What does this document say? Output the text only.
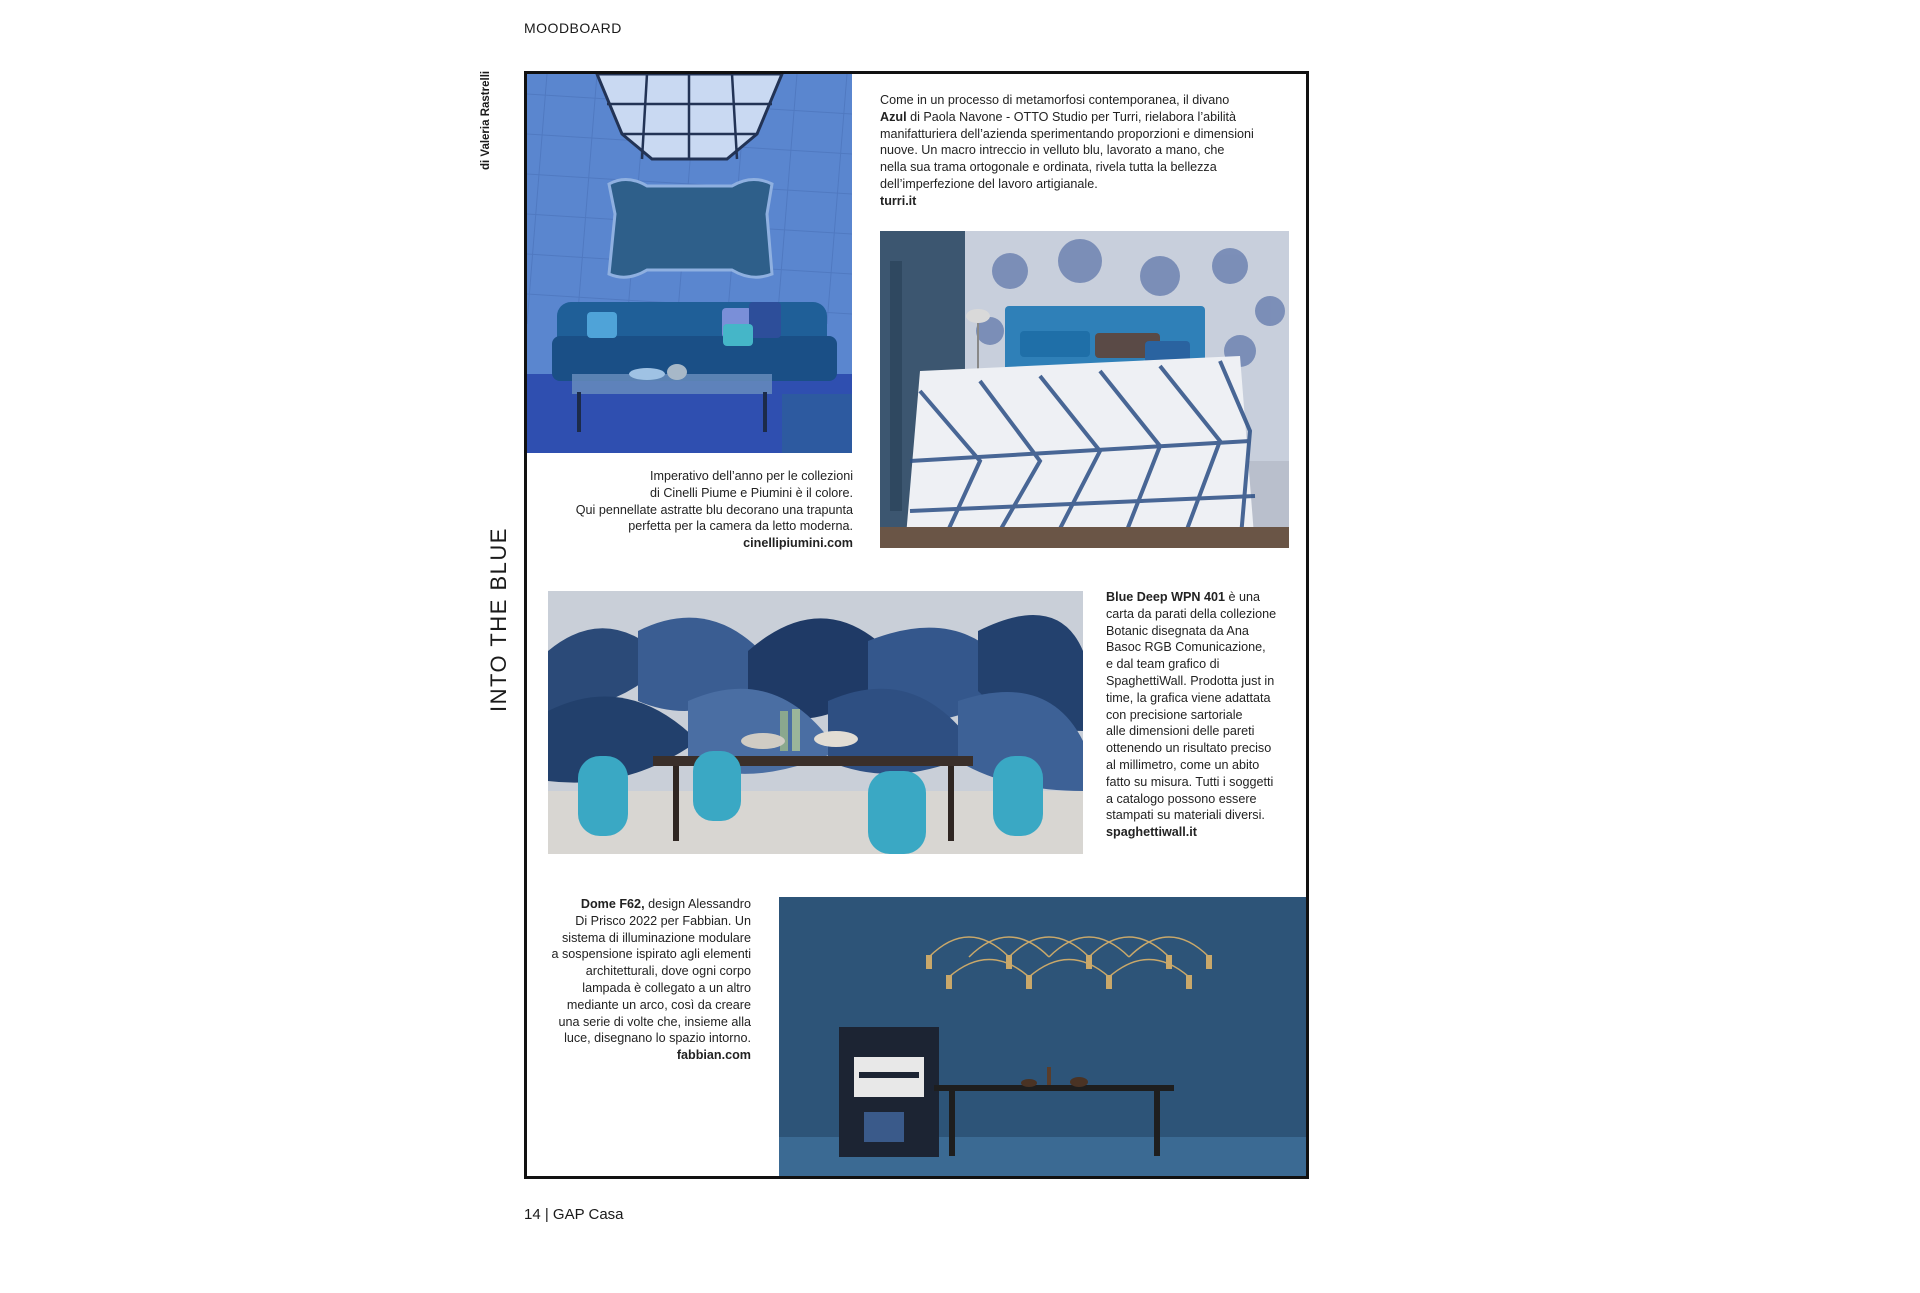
MOODBOARD
di Valeria Rastrelli
INTO THE BLUE
Come in un processo di metamorfosi contemporanea, il divano
Azul di Paola Navone - OTTO Studio per Turri, rielabora l’abilità
manifatturiera dell’azienda sperimentando proporzioni e dimensioni
nuove. Un macro intreccio in velluto blu, lavorato a mano, che
nella sua trama ortogonale e ordinata, rivela tutta la bellezza
dell’imperfezione del lavoro artigianale.
turri.it
Imperativo dell’anno per le collezioni
di Cinelli Piume e Piumini è il colore.
Qui pennellate astratte blu decorano una trapunta
perfetta per la camera da letto moderna.
cinellipiumini.com
Blue Deep WPN 401 è una
carta da parati della collezione
Botanic disegnata da Ana
Basoc RGB Comunicazione,
e dal team grafico di
SpaghettiWall. Prodotta just in
time, la grafica viene adattata
con precisione sartoriale
alle dimensioni delle pareti
ottenendo un risultato preciso
al millimetro, come un abito
fatto su misura. Tutti i soggetti
a catalogo possono essere
stampati su materiali diversi.
spaghettiwall.it
Dome F62, design Alessandro
Di Prisco 2022 per Fabbian. Un
sistema di illuminazione modulare
a sospensione ispirato agli elementi
architetturali, dove ogni corpo
lampada è collegato a un altro
mediante un arco, così da creare
una serie di volte che, insieme alla
luce, disegnano lo spazio intorno.
fabbian.com
14 | GAP Casa
